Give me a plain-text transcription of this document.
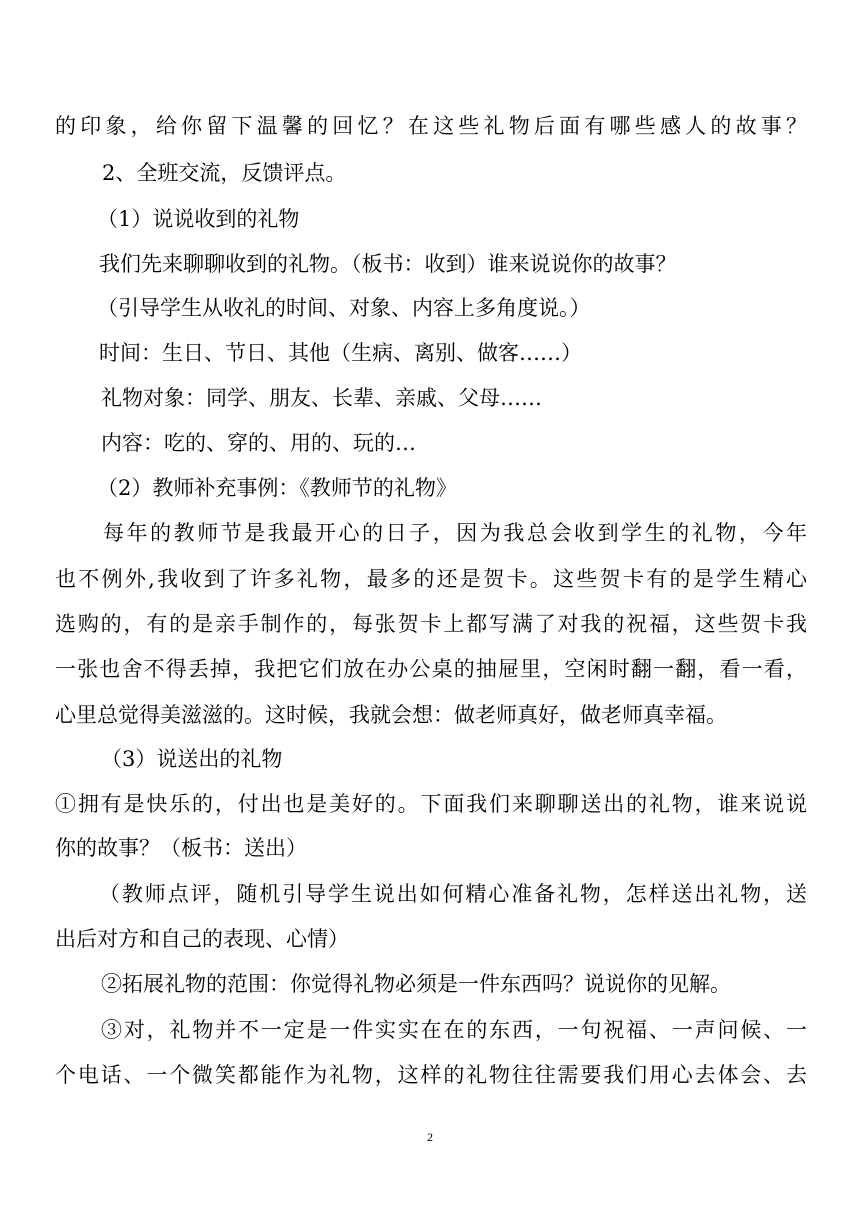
的印象，给你留下温馨的回忆？在这些礼物后面有哪些感人的故事？
2、全班交流，反馈评点。
（1）说说收到的礼物
我们先来聊聊收到的礼物。（板书：收到）谁来说说你的故事？
（引导学生从收礼的时间、对象、内容上多角度说。）
时间：生日、节日、其他（生病、离别、做客……）
礼物对象：同学、朋友、长辈、亲戚、父母……
内容：吃的、穿的、用的、玩的…
（2）教师补充事例：《教师节的礼物》
每年的教师节是我最开心的日子，因为我总会收到学生的礼物，今年
也不例外,我收到了许多礼物，最多的还是贺卡。这些贺卡有的是学生精心
选购的，有的是亲手制作的，每张贺卡上都写满了对我的祝福，这些贺卡我
一张也舍不得丢掉，我把它们放在办公桌的抽屉里，空闲时翻一翻，看一看，
心里总觉得美滋滋的。这时候，我就会想：做老师真好，做老师真幸福。
（3）说送出的礼物
①拥有是快乐的，付出也是美好的。下面我们来聊聊送出的礼物，谁来说说
你的故事？（板书：送出）
（教师点评，随机引导学生说出如何精心准备礼物，怎样送出礼物，送
出后对方和自己的表现、心情）
②拓展礼物的范围：你觉得礼物必须是一件东西吗？说说你的见解。
③对，礼物并不一定是一件实实在在的东西，一句祝福、一声问候、一
个电话、一个微笑都能作为礼物，这样的礼物往往需要我们用心去体会、去
2
